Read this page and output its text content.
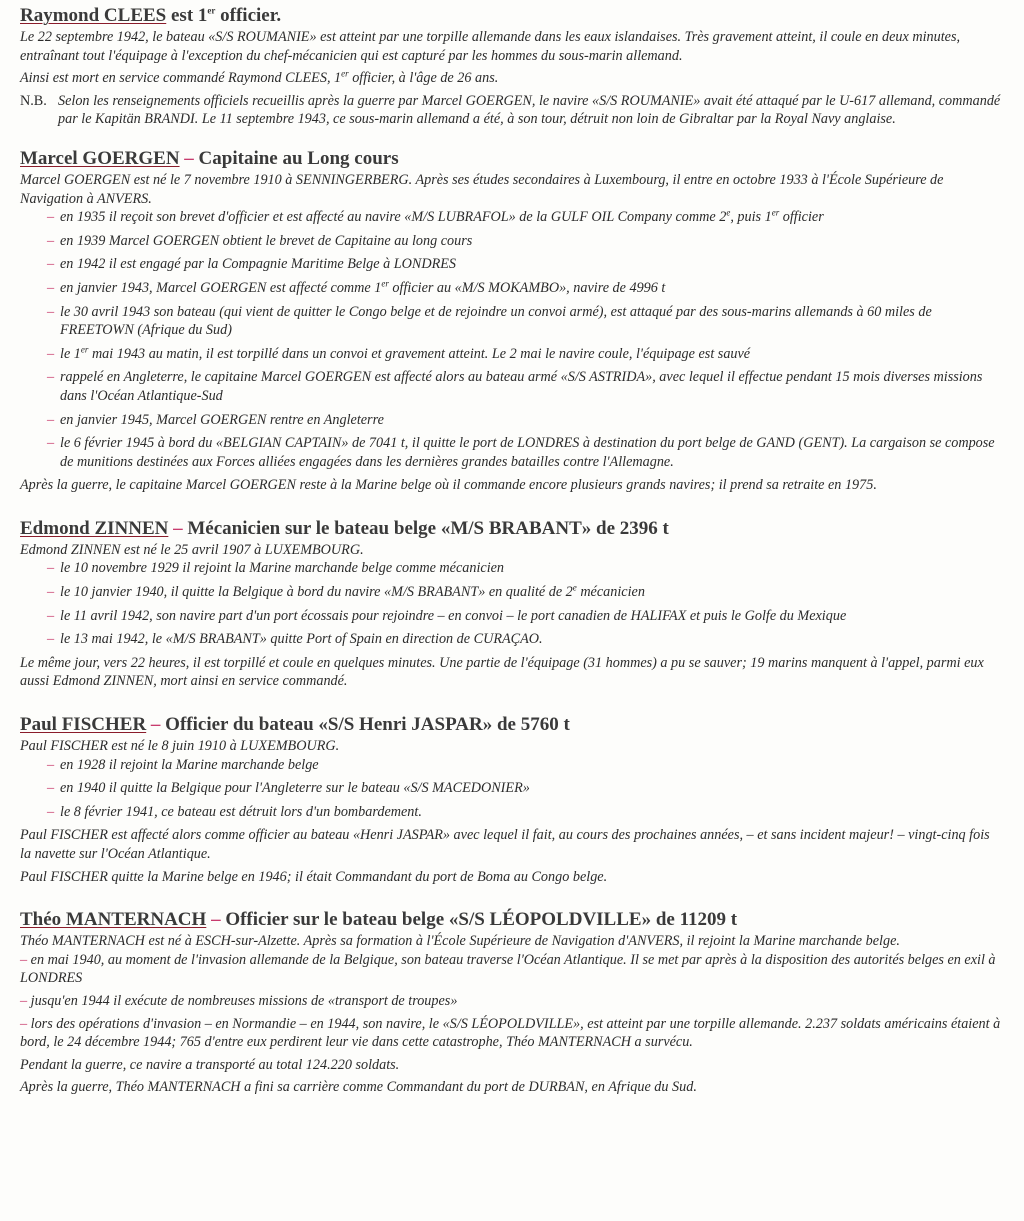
Raymond CLEES est 1er officier.

Le 22 septembre 1942, le bateau «S/S ROUMANIE» est atteint par une torpille allemande dans les eaux islandaises. Très gravement atteint, il coule en deux minutes, entraînant tout l'équipage à l'exception du chef-mécanicien qui est capturé par les hommes du sous-marin allemand.

Ainsi est mort en service commandé Raymond CLEES, 1er officier, à l'âge de 26 ans.

N.B. Selon les renseignements officiels recueillis après la guerre par Marcel GOERGEN, le navire «S/S ROUMANIE» avait été attaqué par le U-617 allemand, commandé par le Kapitän BRANDI. Le 11 septembre 1943, ce sous-marin allemand a été, à son tour, détruit non loin de Gibraltar par la Royal Navy anglaise.

Marcel GOERGEN – Capitaine au Long cours

Marcel GOERGEN est né le 7 novembre 1910 à SENNINGERBERG. Après ses études secondaires à Luxembourg, il entre en octobre 1933 à l'École Supérieure de Navigation à ANVERS.

– en 1935 il reçoit son brevet d'officier et est affecté au navire «M/S LUBRAFOL» de la GULF OIL Company comme 2e, puis 1er officier
– en 1939 Marcel GOERGEN obtient le brevet de Capitaine au long cours
– en 1942 il est engagé par la Compagnie Maritime Belge à LONDRES
– en janvier 1943, Marcel GOERGEN est affecté comme 1er officier au «M/S MOKAMBO», navire de 4996 t
– le 30 avril 1943 son bateau (qui vient de quitter le Congo belge et de rejoindre un convoi armé), est attaqué par des sous-marins allemands à 60 miles de FREETOWN (Afrique du Sud)
– le 1er mai 1943 au matin, il est torpillé dans un convoi et gravement atteint. Le 2 mai le navire coule, l'équipage est sauvé
– rappelé en Angleterre, le capitaine Marcel GOERGEN est affecté alors au bateau armé «S/S ASTRIDA», avec lequel il effectue pendant 15 mois diverses missions dans l'Océan Atlantique-Sud
– en janvier 1945, Marcel GOERGEN rentre en Angleterre
– le 6 février 1945 à bord du «BELGIAN CAPTAIN» de 7041 t, il quitte le port de LONDRES à destination du port belge de GAND (GENT). La cargaison se compose de munitions destinées aux Forces alliées engagées dans les dernières grandes batailles contre l'Allemagne.

Après la guerre, le capitaine Marcel GOERGEN reste à la Marine belge où il commande encore plusieurs grands navires; il prend sa retraite en 1975.

Edmond ZINNEN – Mécanicien sur le bateau belge «M/S BRABANT» de 2396 t

Edmond ZINNEN est né le 25 avril 1907 à LUXEMBOURG.

– le 10 novembre 1929 il rejoint la Marine marchande belge comme mécanicien
– le 10 janvier 1940, il quitte la Belgique à bord du navire «M/S BRABANT» en qualité de 2e mécanicien
– le 11 avril 1942, son navire part d'un port écossais pour rejoindre – en convoi – le port canadien de HALIFAX et puis le Golfe du Mexique
– le 13 mai 1942, le «M/S BRABANT» quitte Port of Spain en direction de CURAÇAO.

Le même jour, vers 22 heures, il est torpillé et coule en quelques minutes. Une partie de l'équipage (31 hommes) a pu se sauver; 19 marins manquent à l'appel, parmi eux aussi Edmond ZINNEN, mort ainsi en service commandé.

Paul FISCHER – Officier du bateau «S/S Henri JASPAR» de 5760 t

Paul FISCHER est né le 8 juin 1910 à LUXEMBOURG.

– en 1928 il rejoint la Marine marchande belge
– en 1940 il quitte la Belgique pour l'Angleterre sur le bateau «S/S MACEDONIER»
– le 8 février 1941, ce bateau est détruit lors d'un bombardement.

Paul FISCHER est affecté alors comme officier au bateau «Henri JASPAR» avec lequel il fait, au cours des prochaines années, – et sans incident majeur! – vingt-cinq fois la navette sur l'Océan Atlantique.

Paul FISCHER quitte la Marine belge en 1946; il était Commandant du port de Boma au Congo belge.

Théo MANTERNACH – Officier sur le bateau belge «S/S LÉOPOLDVILLE» de 11209 t

Théo MANTERNACH est né à ESCH-sur-Alzette. Après sa formation à l'École Supérieure de Navigation d'ANVERS, il rejoint la Marine marchande belge.

– en mai 1940, au moment de l'invasion allemande de la Belgique, son bateau traverse l'Océan Atlantique. Il se met par après à la disposition des autorités belges en exil à LONDRES

– jusqu'en 1944 il exécute de nombreuses missions de «transport de troupes»

– lors des opérations d'invasion – en Normandie – en 1944, son navire, le «S/S LÉOPOLDVILLE», est atteint par une torpille allemande. 2.237 soldats américains étaient à bord, le 24 décembre 1944; 765 d'entre eux perdirent leur vie dans cette catastrophe, Théo MANTERNACH a survécu.

Pendant la guerre, ce navire a transporté au total 124.220 soldats.

Après la guerre, Théo MANTERNACH a fini sa carrière comme Commandant du port de DURBAN, en Afrique du Sud.
